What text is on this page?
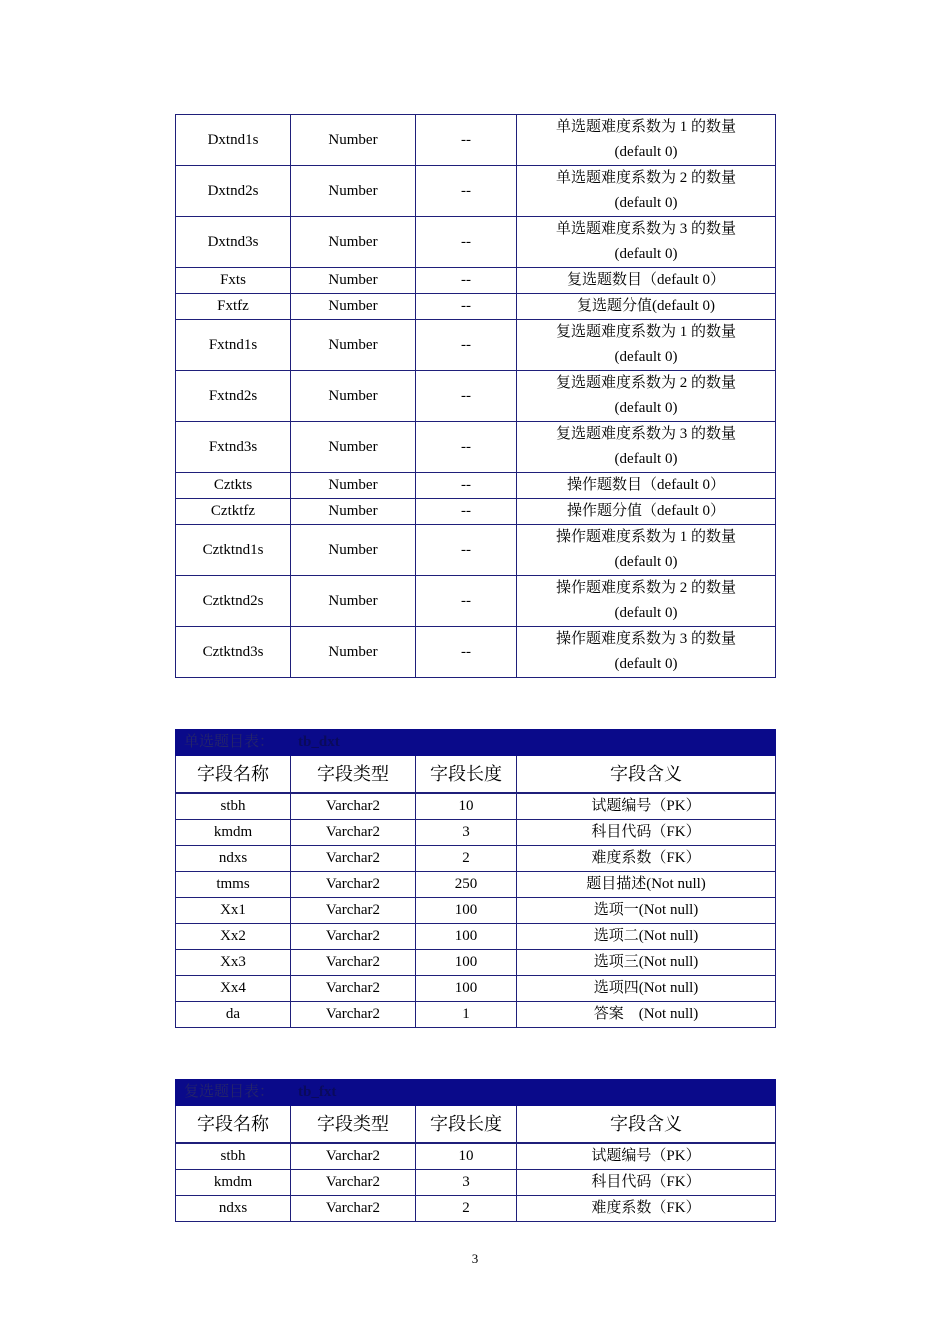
Dxtnd1s	Number	--	单选题难度系数为 1 的数量
(default 0)

Dxtnd2s	Number	--	单选题难度系数为 2 的数量
(default 0)

Dxtnd3s	Number	--	单选题难度系数为 3 的数量
(default 0)

Fxts	Number	--	复选题数目（default 0）

Fxtfz	Number	--	复选题分值(default 0)

Fxtnd1s	Number	--	复选题难度系数为 1 的数量
(default 0)

Fxtnd2s	Number	--	复选题难度系数为 2 的数量
(default 0)

Fxtnd3s	Number	--	复选题难度系数为 3 的数量
(default 0)

Cztkts	Number	--	操作题数目（default 0）

Cztktfz	Number	--	操作题分值（default 0）

Cztktnd1s	Number	--	操作题难度系数为 1 的数量
(default 0)

Cztktnd2s	Number	--	操作题难度系数为 2 的数量
(default 0)

Cztktnd3s	Number	--	操作题难度系数为 3 的数量
(default 0)
单选题目表： tb_dxt			
字段名称	字段类型	字段长度	字段含义
stbh	Varchar2	10	试题编号（PK）
kmdm	Varchar2	3	科目代码（FK）
ndxs	Varchar2	2	难度系数（FK）
tmms	Varchar2	250	题目描述(Not null)
Xx1	Varchar2	100	选项一(Not null)
Xx2	Varchar2	100	选项二(Not null)
Xx3	Varchar2	100	选项三(Not null)
Xx4	Varchar2	100	选项四(Not null)
da	Varchar2	1	答案　(Not null)
复选题目表： tb_fxt			
字段名称	字段类型	字段长度	字段含义
stbh	Varchar2	10	试题编号（PK）
kmdm	Varchar2	3	科目代码（FK）
ndxs	Varchar2	2	难度系数（FK）
3
